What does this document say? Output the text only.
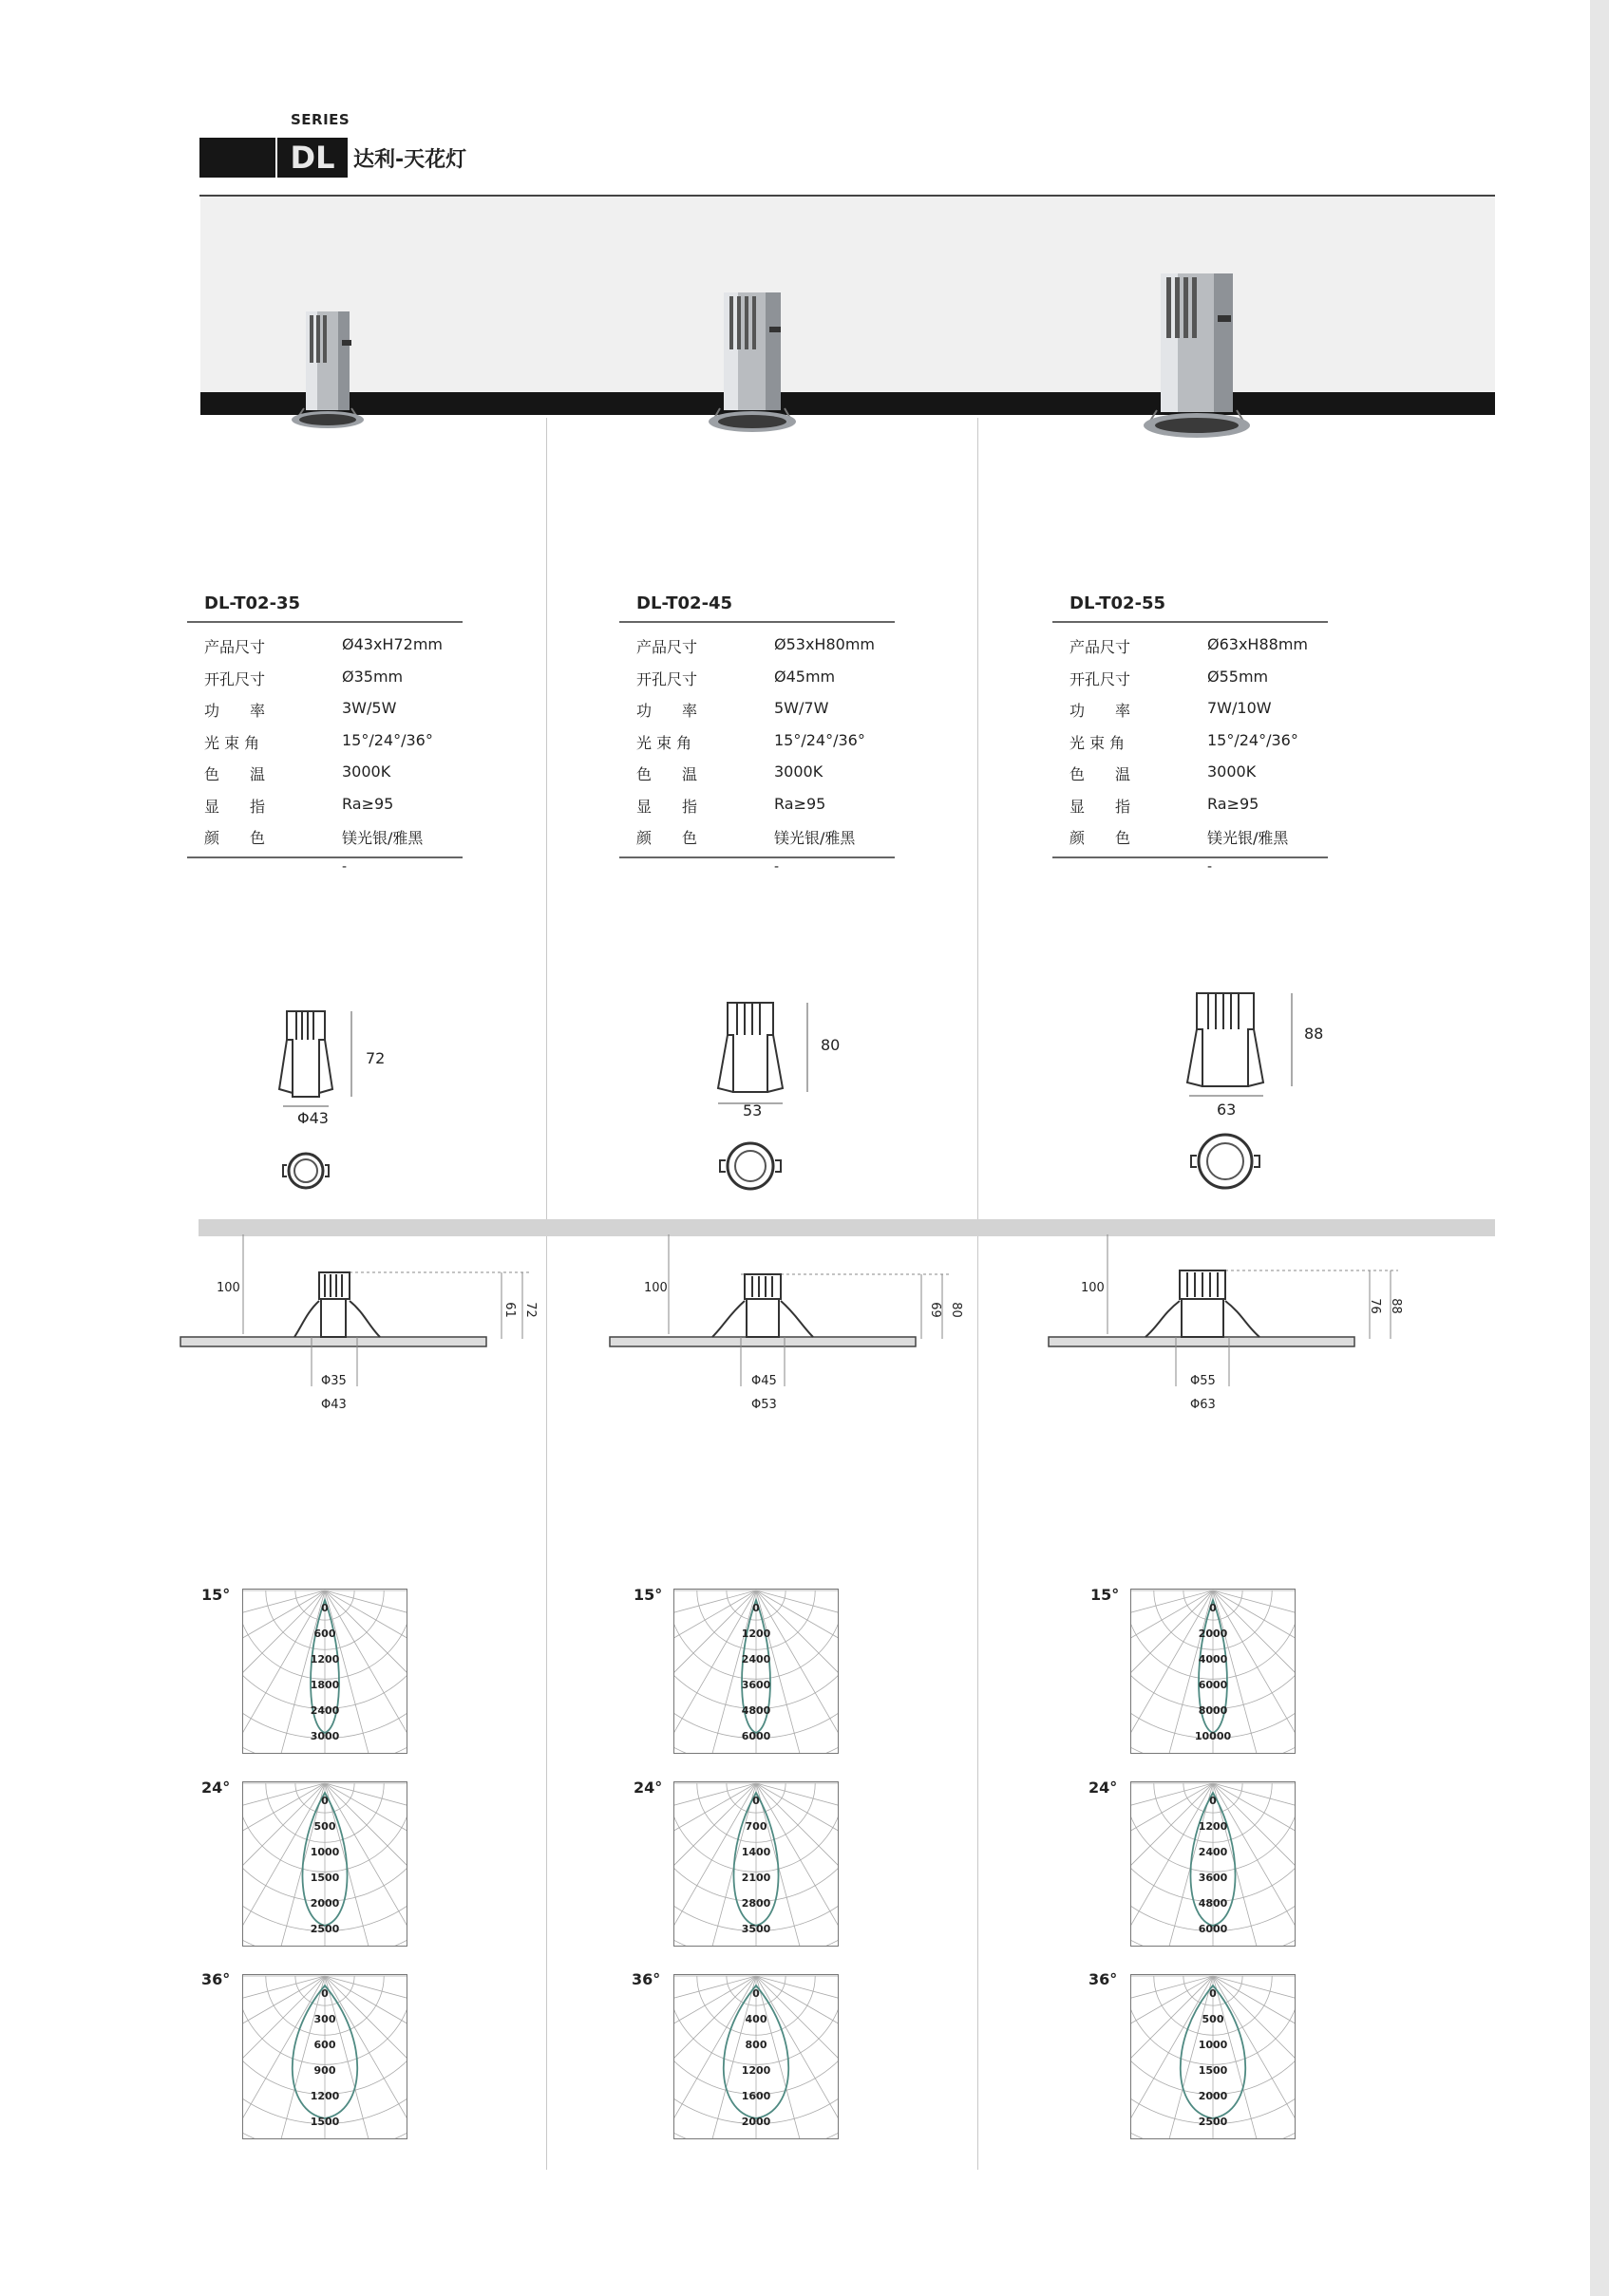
SERIES
DL 达利-天花灯
DL-T02-35
产品尺寸	Ø43xH72mm
开孔尺寸	Ø35mm
功　　率	3W/5W
光 束 角	15°/24°/36°
色　　温	3000K
显　　指	Ra≥95
颜　　色	镁光银/雅黑
-
DL-T02-45
产品尺寸	Ø53xH80mm
开孔尺寸	Ø45mm
功　　率	5W/7W
光 束 角	15°/24°/36°
色　　温	3000K
显　　指	Ra≥95
颜　　色	镁光银/雅黑
-
DL-T02-55
产品尺寸	Ø63xH88mm
开孔尺寸	Ø55mm
功　　率	7W/10W
光 束 角	15°/24°/36°
色　　温	3000K
显　　指	Ra≥95
颜　　色	镁光银/雅黑
-
72
Φ43
80
53
88
63
100
61 72
Φ35
Φ43
100
69 80
Φ45
Φ53
100
76 88
Φ55
Φ63
15°
24°
36°
15°
24°
36°
15°
24°
36°
0
600
1200
1800
2400
3000
0
500
1000
1500
2000
2500
0
300
600
900
1200
1500
0
1200
2400
3600
4800
6000
0
700
1400
2100
2800
3500
0
400
800
1200
1600
2000
0
2000
4000
6000
8000
10000
0
1200
2400
3600
4800
6000
0
500
1000
1500
2000
2500
